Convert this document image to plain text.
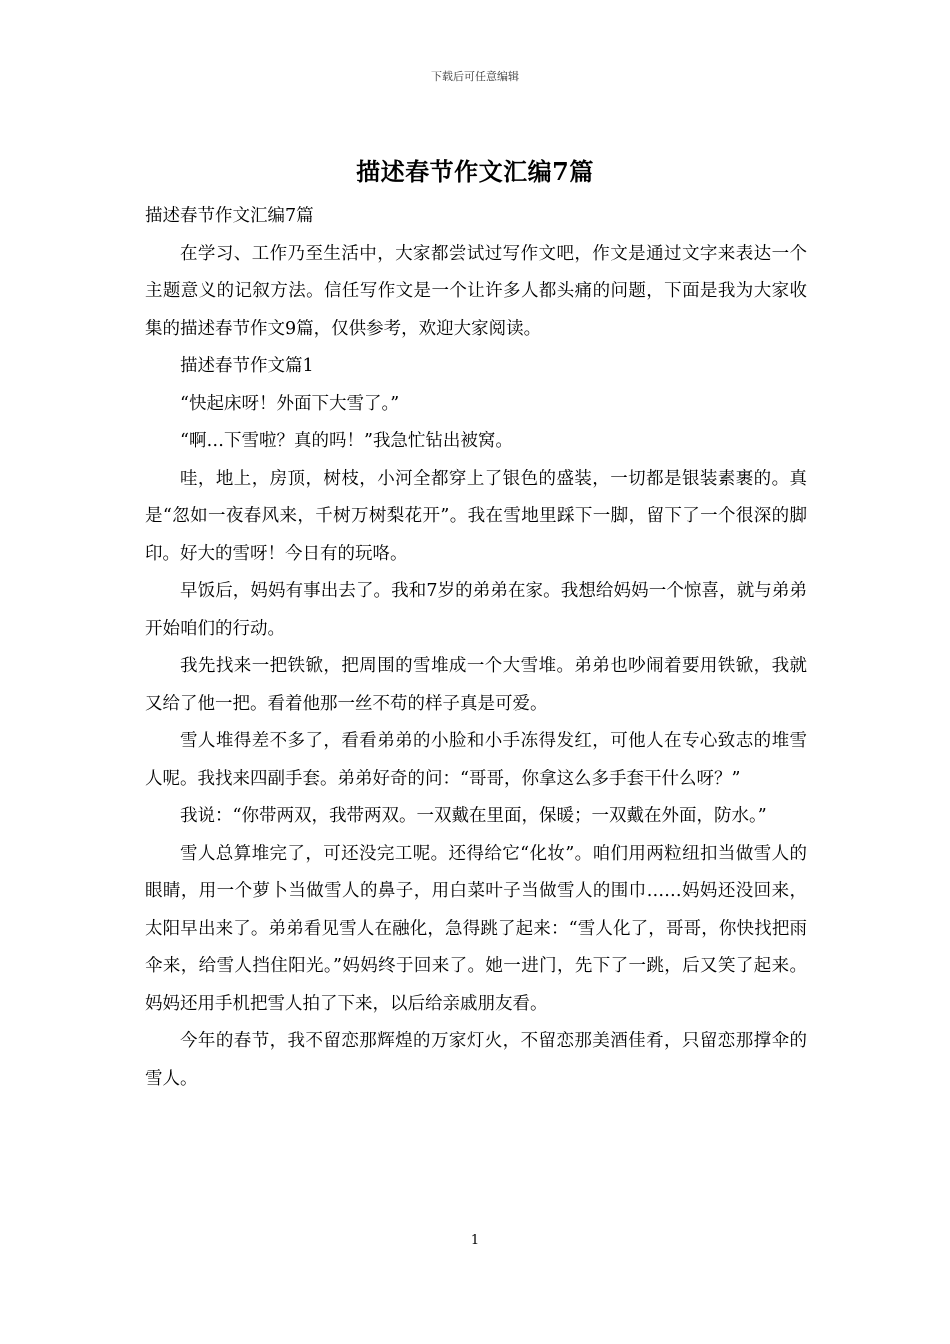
下载后可任意编辑
描述春节作文汇编7篇

描述春节作文汇编7篇

在学习、工作乃至生活中，大家都尝试过写作文吧，作文是通过文字来表达一个主题意义的记叙方法。信任写作文是一个让许多人都头痛的问题，下面是我为大家收集的描述春节作文9篇，仅供参考，欢迎大家阅读。

描述春节作文篇1

“快起床呀！外面下大雪了。”

“啊…下雪啦？真的吗！”我急忙钻出被窝。

哇，地上，房顶，树枝，小河全都穿上了银色的盛装，一切都是银装素裹的。真是“忽如一夜春风来，千树万树梨花开”。我在雪地里踩下一脚，留下了一个很深的脚印。好大的雪呀！今日有的玩咯。

早饭后，妈妈有事出去了。我和7岁的弟弟在家。我想给妈妈一个惊喜，就与弟弟开始咱们的行动。

我先找来一把铁锨，把周围的雪堆成一个大雪堆。弟弟也吵闹着要用铁锨，我就又给了他一把。看着他那一丝不苟的样子真是可爱。

雪人堆得差不多了，看看弟弟的小脸和小手冻得发红，可他人在专心致志的堆雪人呢。我找来四副手套。弟弟好奇的问：“哥哥，你拿这么多手套干什么呀？”

我说：“你带两双，我带两双。一双戴在里面，保暖；一双戴在外面，防水。”

雪人总算堆完了，可还没完工呢。还得给它“化妆”。咱们用两粒纽扣当做雪人的眼睛，用一个萝卜当做雪人的鼻子，用白菜叶子当做雪人的围巾……妈妈还没回来，太阳早出来了。弟弟看见雪人在融化，急得跳了起来：“雪人化了，哥哥，你快找把雨伞来，给雪人挡住阳光。”妈妈终于回来了。她一进门，先下了一跳，后又笑了起来。妈妈还用手机把雪人拍了下来，以后给亲戚朋友看。

今年的春节，我不留恋那辉煌的万家灯火，不留恋那美酒佳肴，只留恋那撑伞的雪人。

1
